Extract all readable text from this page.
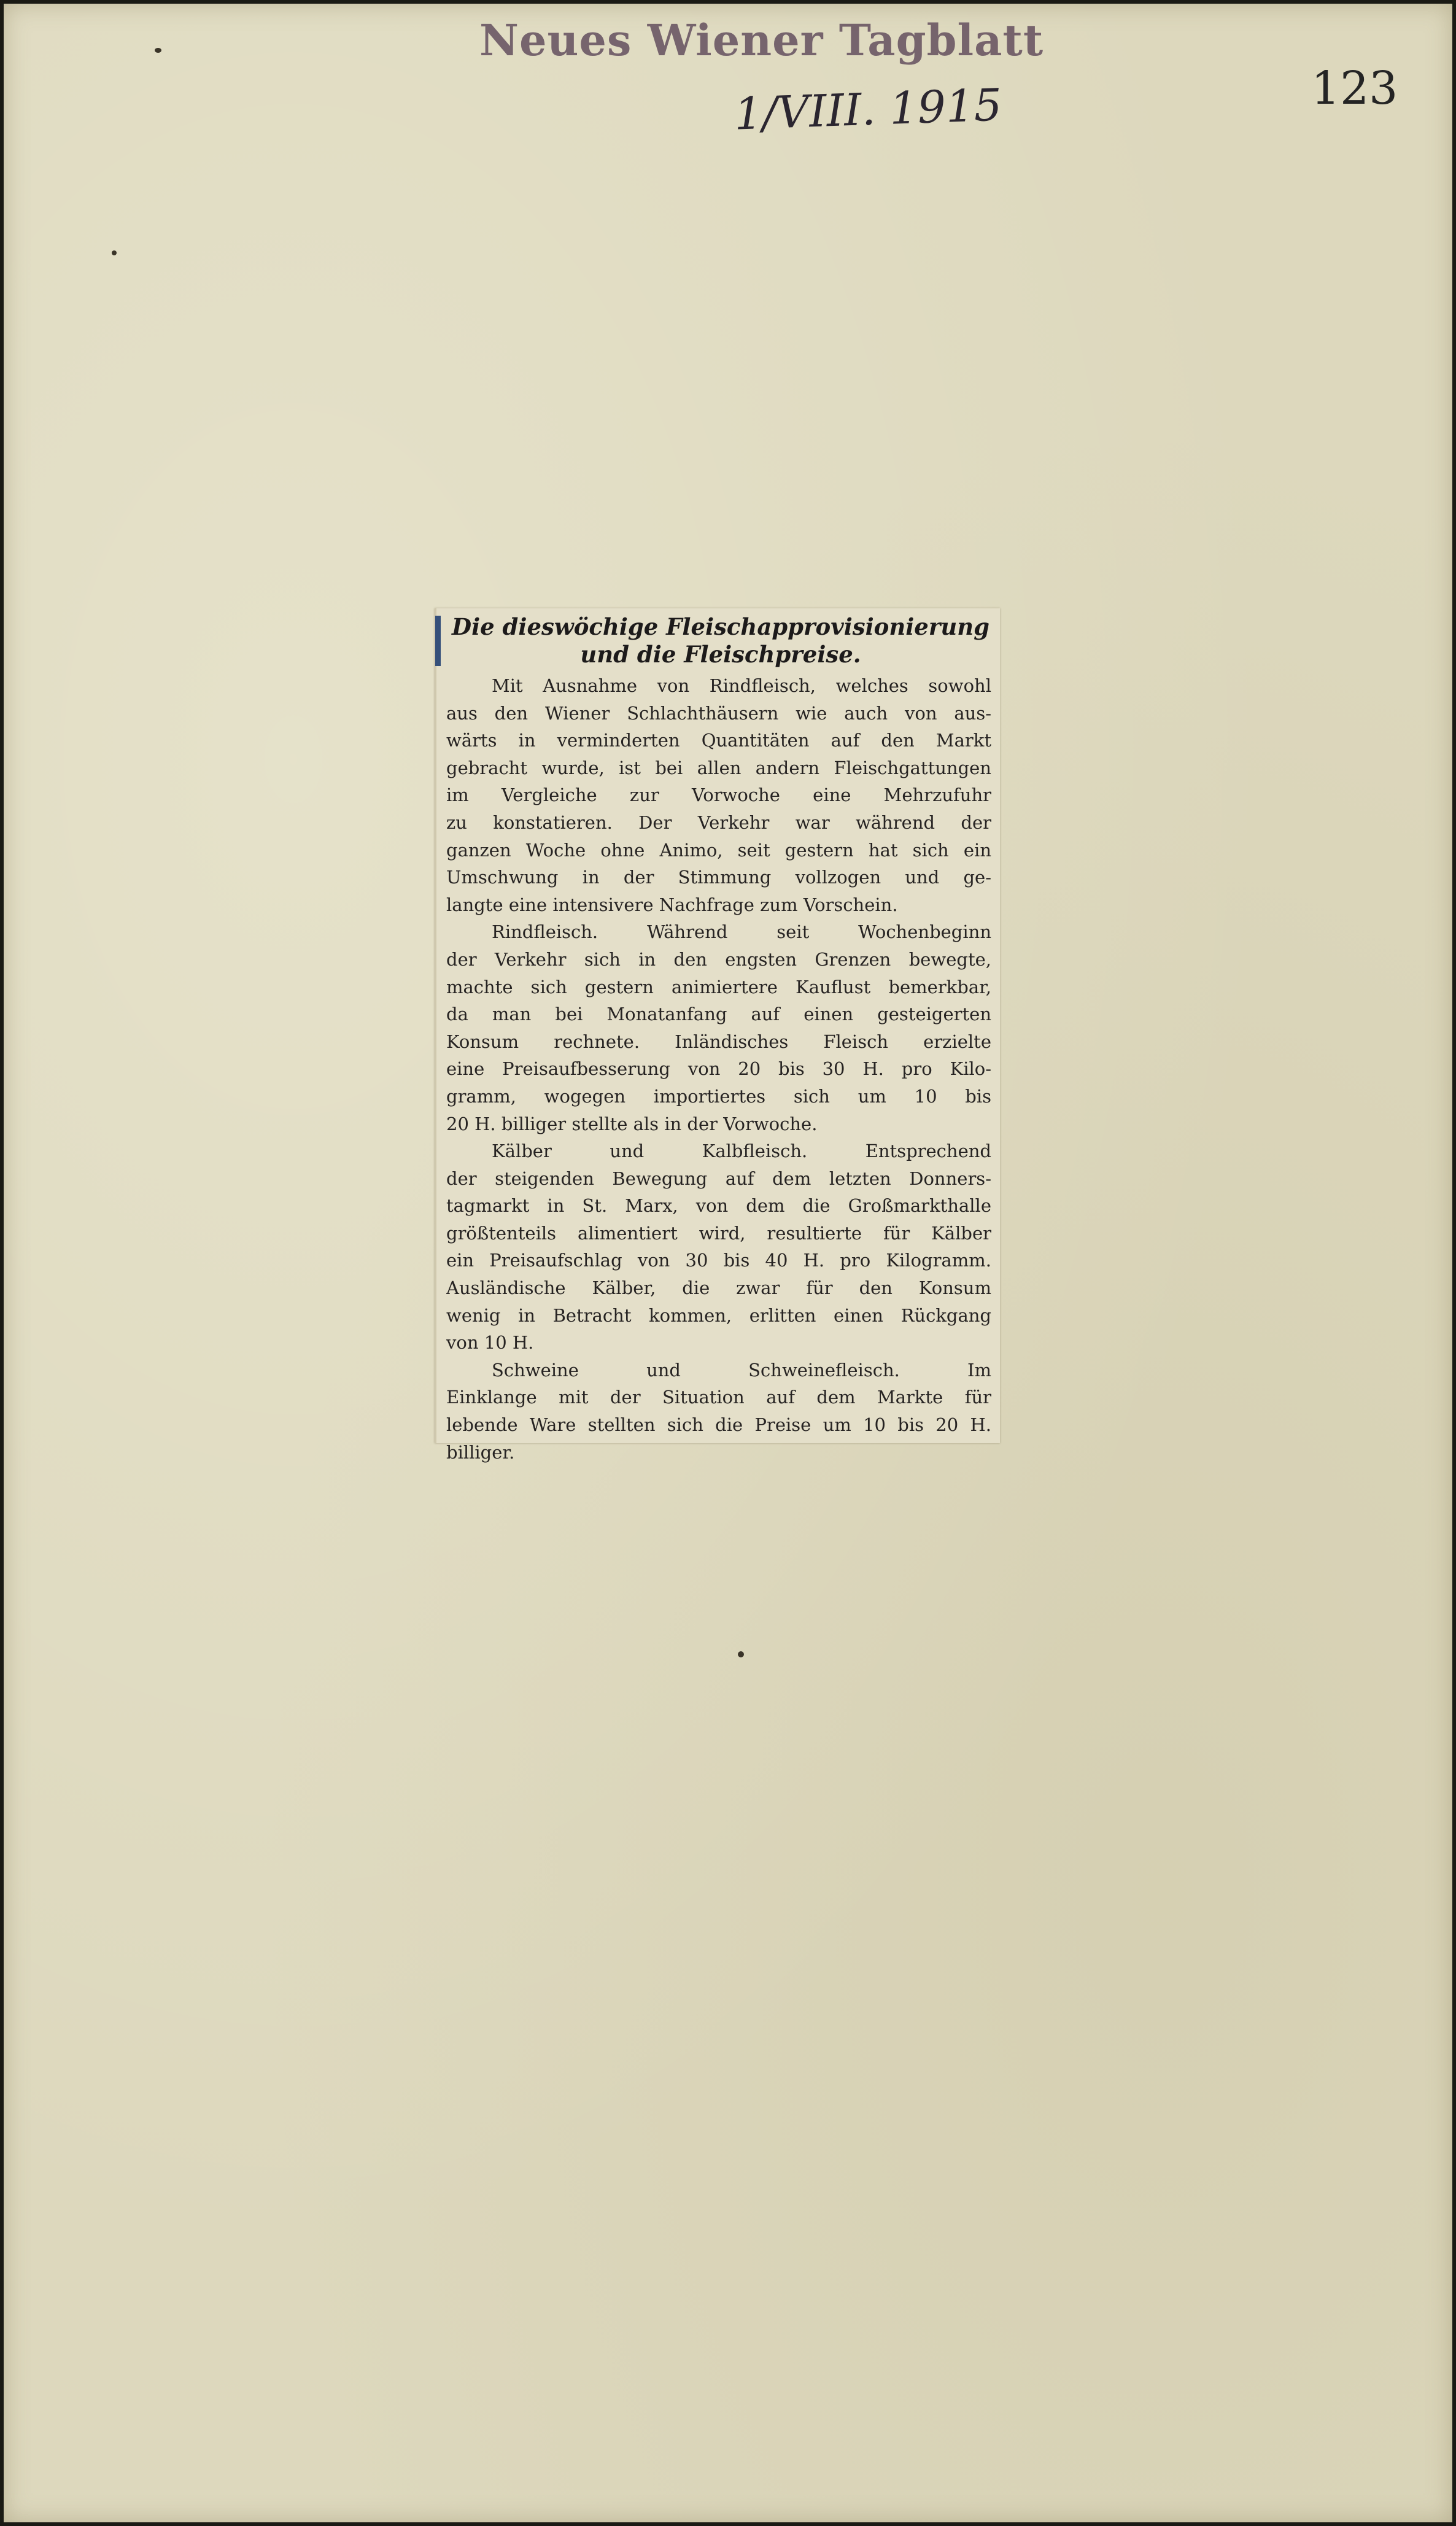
Neues Wiener Tagblatt
1/VIII. 1915	123
Die dieswöchige Fleischapprovisionierung
und die Fleischpreise.
Mit Ausnahme von Rindfleisch, welches sowohl
aus den Wiener Schlachthäusern wie auch von aus-
wärts in verminderten Quantitäten auf den Markt
gebracht wurde, ist bei allen andern Fleischgattungen
im Vergleiche zur Vorwoche eine Mehrzufuhr
zu konstatieren. Der Verkehr war während der
ganzen Woche ohne Animo, seit gestern hat sich ein
Umschwung in der Stimmung vollzogen und ge-
langte eine intensivere Nachfrage zum Vorschein.
Rindfleisch. Während seit Wochenbeginn
der Verkehr sich in den engsten Grenzen bewegte,
machte sich gestern animiertere Kauflust bemerkbar,
da man bei Monatanfang auf einen gesteigerten
Konsum rechnete. Inländisches Fleisch erzielte
eine Preisaufbesserung von 20 bis 30 H. pro Kilo-
gramm, wogegen importiertes sich um 10 bis
20 H. billiger stellte als in der Vorwoche.
Kälber und Kalbfleisch. Entsprechend
der steigenden Bewegung auf dem letzten Donners-
tagmarkt in St. Marx, von dem die Großmarkthalle
größtenteils alimentiert wird, resultierte für Kälber
ein Preisaufschlag von 30 bis 40 H. pro Kilogramm.
Ausländische Kälber, die zwar für den Konsum
wenig in Betracht kommen, erlitten einen Rückgang
von 10 H.
Schweine und Schweinefleisch. Im
Einklange mit der Situation auf dem Markte für
lebende Ware stellten sich die Preise um 10 bis 20 H.
billiger.
